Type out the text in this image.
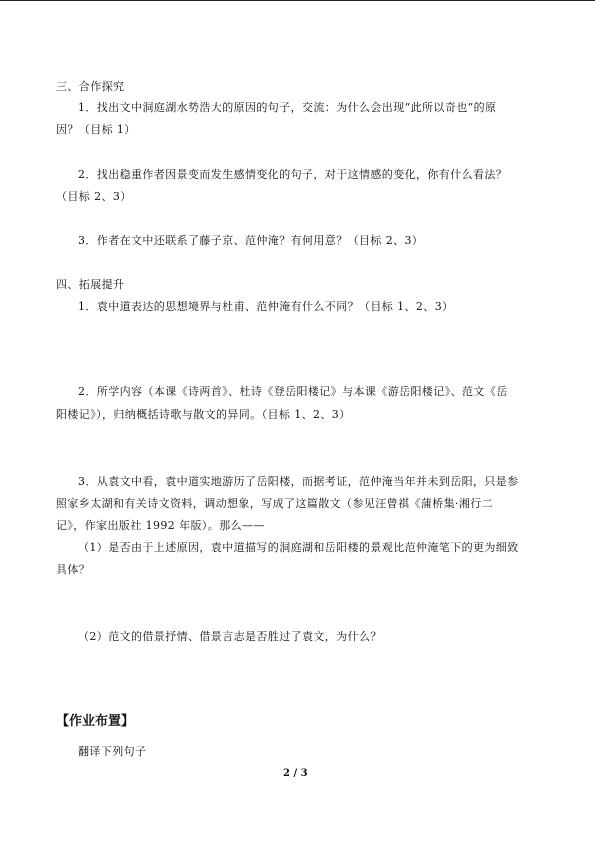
三、合作探究
1．找出文中洞庭湖水势浩大的原因的句子，交流：为什么会出现“此所以奇也”的原
因？（目标 1）
2．找出稳重作者因景变而发生感情变化的句子，对于这情感的变化，你有什么看法？
（目标 2、3）
3．作者在文中还联系了藤子京、范仲淹？有何用意？（目标 2、3）
四、拓展提升
1．袁中道表达的思想境界与杜甫、范仲淹有什么不同？（目标 1、2、3）
2．所学内容（本课《诗两首》、杜诗《登岳阳楼记》与本课《游岳阳楼记》、范文《岳
阳楼记》），归纳概括诗歌与散文的异同。（目标 1、2、3）
3．从袁文中看，袁中道实地游历了岳阳楼，而据考证，范仲淹当年并未到岳阳，只是参
照家乡太湖和有关诗文资料，调动想象，写成了这篇散文（参见汪曾祺《蒲桥集·湘行二
记》，作家出版社 1992 年版）。那么——
（1）是否由于上述原因，袁中道描写的洞庭湖和岳阳楼的景观比范仲淹笔下的更为细致
具体？
（2）范文的借景抒情、借景言志是否胜过了袁文，为什么？
【作业布置】
翻译下列句子
2 / 3
